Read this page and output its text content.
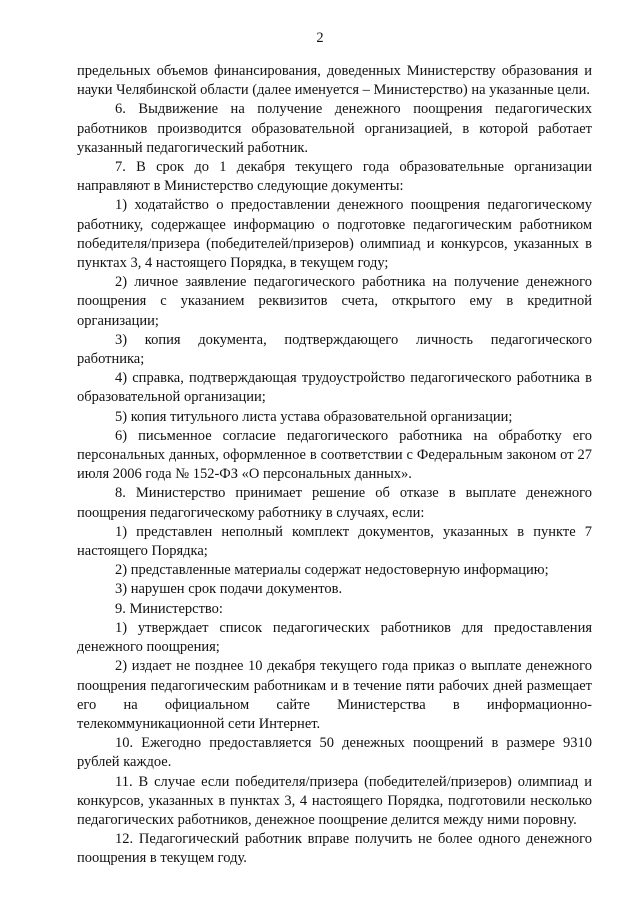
2

предельных объемов финансирования, доведенных Министерству образования и науки Челябинской области (далее именуется – Министерство) на указанные цели.

6. Выдвижение на получение денежного поощрения педагогических работников производится образовательной организацией, в которой работает указанный педагогический работник.

7. В срок до 1 декабря текущего года образовательные организации направляют в Министерство следующие документы:

1) ходатайство о предоставлении денежного поощрения педагогическому работнику, содержащее информацию о подготовке педагогическим работником победителя/призера (победителей/призеров) олимпиад и конкурсов, указанных в пунктах 3, 4 настоящего Порядка, в текущем году;

2) личное заявление педагогического работника на получение денежного поощрения с указанием реквизитов счета, открытого ему в кредитной организации;

3) копия документа, подтверждающего личность педагогического работника;

4) справка, подтверждающая трудоустройство педагогического работника в образовательной организации;

5) копия титульного листа устава образовательной организации;

6) письменное согласие педагогического работника на обработку его персональных данных, оформленное в соответствии с Федеральным законом от 27 июля 2006 года № 152-ФЗ «О персональных данных».

8. Министерство принимает решение об отказе в выплате денежного поощрения педагогическому работнику в случаях, если:

1) представлен неполный комплект документов, указанных в пункте 7 настоящего Порядка;

2) представленные материалы содержат недостоверную информацию;

3) нарушен срок подачи документов.

9. Министерство:

1) утверждает список педагогических работников для предоставления денежного поощрения;

2) издает не позднее 10 декабря текущего года приказ о выплате денежного поощрения педагогическим работникам и в течение пяти рабочих дней размещает его на официальном сайте Министерства в информационно-телекоммуникационной сети Интернет.

10. Ежегодно предоставляется 50 денежных поощрений в размере 9310 рублей каждое.

11. В случае если победителя/призера (победителей/призеров) олимпиад и конкурсов, указанных в пунктах 3, 4 настоящего Порядка, подготовили несколько педагогических работников, денежное поощрение делится между ними поровну.

12. Педагогический работник вправе получить не более одного денежного поощрения в текущем году.
